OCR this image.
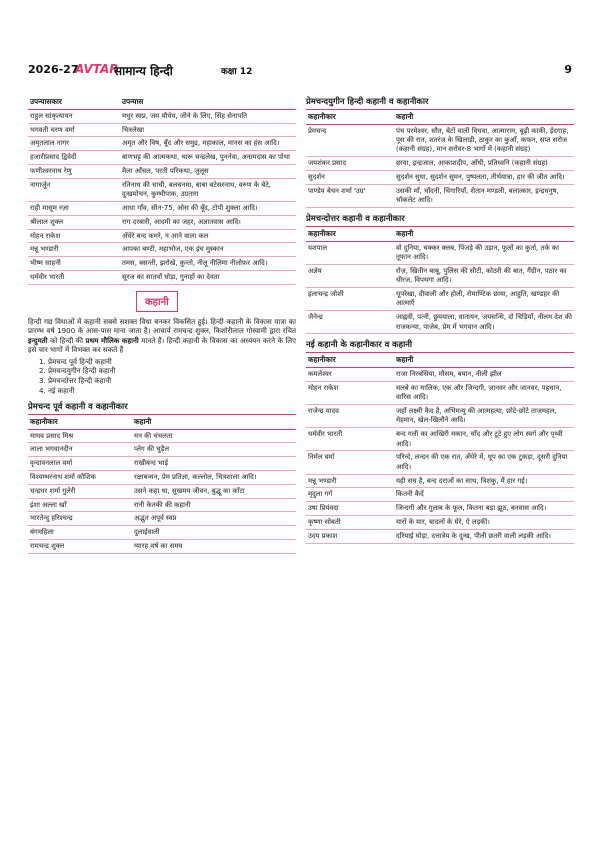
2026-27
AVTAR
सामान्य हिन्दी	कक्षा 12	9
उपन्यासकार	उपन्यास
राहुल सांकृत्यायन	मधुर स्वप्न, जय यौधेय, जीने के लिए, सिंह सेनापति
भगवती चरण वर्मा	चित्रलेखा
अमृतलाल नागर	अमृत और विष, बूँद और समुद्र, महाकाल, मानस का हंस आदि।
हजारीप्रसाद द्विवेदी	बाणभट्ट की आत्मकथा, चारू चन्द्रलेख, पुनर्नवा, अनामदास का पोथा
फणीश्वरनाथ रेणु	मैला आँचल, परती परिकथा, जुलूस
नागार्जुन	रतिनाथ की चाची, बलचनमा, बाबा बटेसरनाथ, वरुण के बेटे, दुःखमोचन, कुम्भीपाक, उग्रतारा
राही मासूम रज़ा	आधा गाँव, सीन-75, ओस की बूँद, टोपी शुक्ला आदि।
श्रीलाल शुक्ल	राग दरबारी, आदमी का जहर, अज्ञातवास आदि।
मोहन राकेश	अँधेरे बन्द कमरे, न आने वाला कल
मन्नू भण्डारी	आपका बण्टी, महाभोज, एक इंच मुस्कान
भीष्म साहनी	तमस, बसन्ती, झरोखे, कुन्तो, नीलू नीलिमा नीलोफ़र आदि।
धर्मवीर भारती	सूरज का सातवाँ घोड़ा, गुनाहों का देवता
कहानी

हिन्दी गद्य विधाओं में कहानी सबसे सशक्त विधा बनकर विकसित हुई। हिन्दी कहानी के विकास यात्रा का प्रारम्भ वर्ष 1900 के आस-पास माना जाता है। आचार्य रामचन्द्र शुक्ल, किशोरीलाल गोस्वामी द्वारा रचित इन्दुमती को हिन्दी की प्रथम मौलिक कहानी मानते हैं। हिन्दी कहानी के विकास का अध्ययन करने के लिए इसे चार भागों में विभक्त कर सकते हैं

1. प्रेमचन्द पूर्व हिन्दी कहानी
2. प्रेमचन्दयुगीन हिन्दी कहानी
3. प्रेमचन्दोत्तर हिन्दी कहानी
4. नई कहानी
प्रेमचन्द पूर्व कहानी व कहानीकार
कहानीकार	कहानी
माधव प्रसाद मिश्र	मन की चंचलता
लाला भगवानदीन	प्लेग की चुड़ैल
वृन्दावनलाल वर्मा	राखीबन्द भाई
विश्वम्भरनाथ शर्मा कौशिक	रक्षाबन्धन, प्रेम प्रतिज्ञा, कल्लोल, चित्रशाला आदि।
चन्द्रधर शर्मा गुलेरी	उसने कहा था, सुखमय जीवन, बुद्धू का काँटा
इंशा अल्ला खाँ	रानी केतकी की कहानी
भारतेन्दु हरिश्चन्द्र	अद्भुत अपूर्व स्वप्न
बंगमहिला	दुलाईवाली
रामचन्द्र शुक्ल	ग्यारह वर्ष का समय
प्रेमचन्दयुगीन हिन्दी कहानी व कहानीकार
कहानीकार	कहानी
प्रेमचन्द	पंच परमेश्वर, सौत, बेटों वाली विधवा, आत्माराम, बूढ़ी काकी, ईदगाह, पूस की रात, शतरंज के खिलाड़ी, ठाकुर का कुआँ, कफन, सप्त सरोज (कहानी संग्रह), मान सरोवर-8 भागों में (कहानी संग्रह)
जयशंकर प्रसाद	छाया, इन्द्रजाल, आकाशदीप, आँधी, प्रतिध्वनि (कहानी संग्रह)
सुदर्शन	सुदर्शन सुधा, सुदर्शन सुमन, पुष्पलता, तीर्थयात्रा, हार की जीत आदि।
पाण्डेय बेचन शर्मा 'उग्र'	उसकी माँ, चाँदनी, चिंगारियाँ, शैतान मण्डली, बलात्कार, इन्द्रधनुष, चॉकलेट आदि।
प्रेमचन्दोत्तर कहानी व कहानीकार
कहानीकार	कहानी
यशपाल	वो दुनिया, चक्कर क्लब, पिंजड़े की उड़ान, फूलों का कुर्ता, तर्क का तूफान आदि।
अज्ञेय	रोज़, खितीन बाबू, पुलिस की सीटी, कोठरी की बात, गैंग्रीन, पठार का धीरज, विपथगा आदि।
इलाचन्द्र जोशी	धूपरेखा, दीवाली और होली, रोमाण्टिक छाया, आहुति, खण्डहर की आत्माएँ
जैनेन्द्र	जाह्नवी, पत्नी, छुययाला, वातायन, जयसन्धि, दो चिड़ियाँ, नीलम देश की राजकन्या, पाजेब, प्रेम में भगवान आदि।
नई कहानी के कहानीकार व कहानी
कहानीकार	कहानी
कमलेश्वर	राजा निरबंसिया, मौसम, बयान, नीली झील
मोहन राकेश	मलबे का मालिक, एक और जिन्दगी, जानवर और जानवर, पहचान, वारिस आदि।
राजेन्द्र यादव	जहाँ लक्ष्मी कैद है, अभिमन्यु की आत्महत्या, छोटे-छोटे ताजमहल, मेहमान, खेल-खिलौने आदि।
धर्मवीर भारती	बन्द गली का आखिरी मकान, चाँद और टूटे हुए लोग स्वर्ग और पृथ्वी आदि।
निर्मल वर्मा	परिन्दे, लन्दन की एक रात, अँधेरे में, धूप का एक टुकड़ा, दूसरी दुनिया आदि।
मन्नू भण्डारी	यही सच है, बन्द दराजों का साथ, त्रिशंकु, मैं हार गई।
मृदुला गर्ग	कितनी कैदें
उषा प्रियंवदा	जिन्दगी और गुलाब के फूल, कितना बड़ा झूठ, बनवास आदि।
कृष्णा सोबती	यारों के यार, बादलों के घेरे, ऐ लड़की।
उदय प्रकाश	दरियाई घोड़ा, दत्तात्रेय के दुःख, पीली छतरी वाली लड़की आदि।
